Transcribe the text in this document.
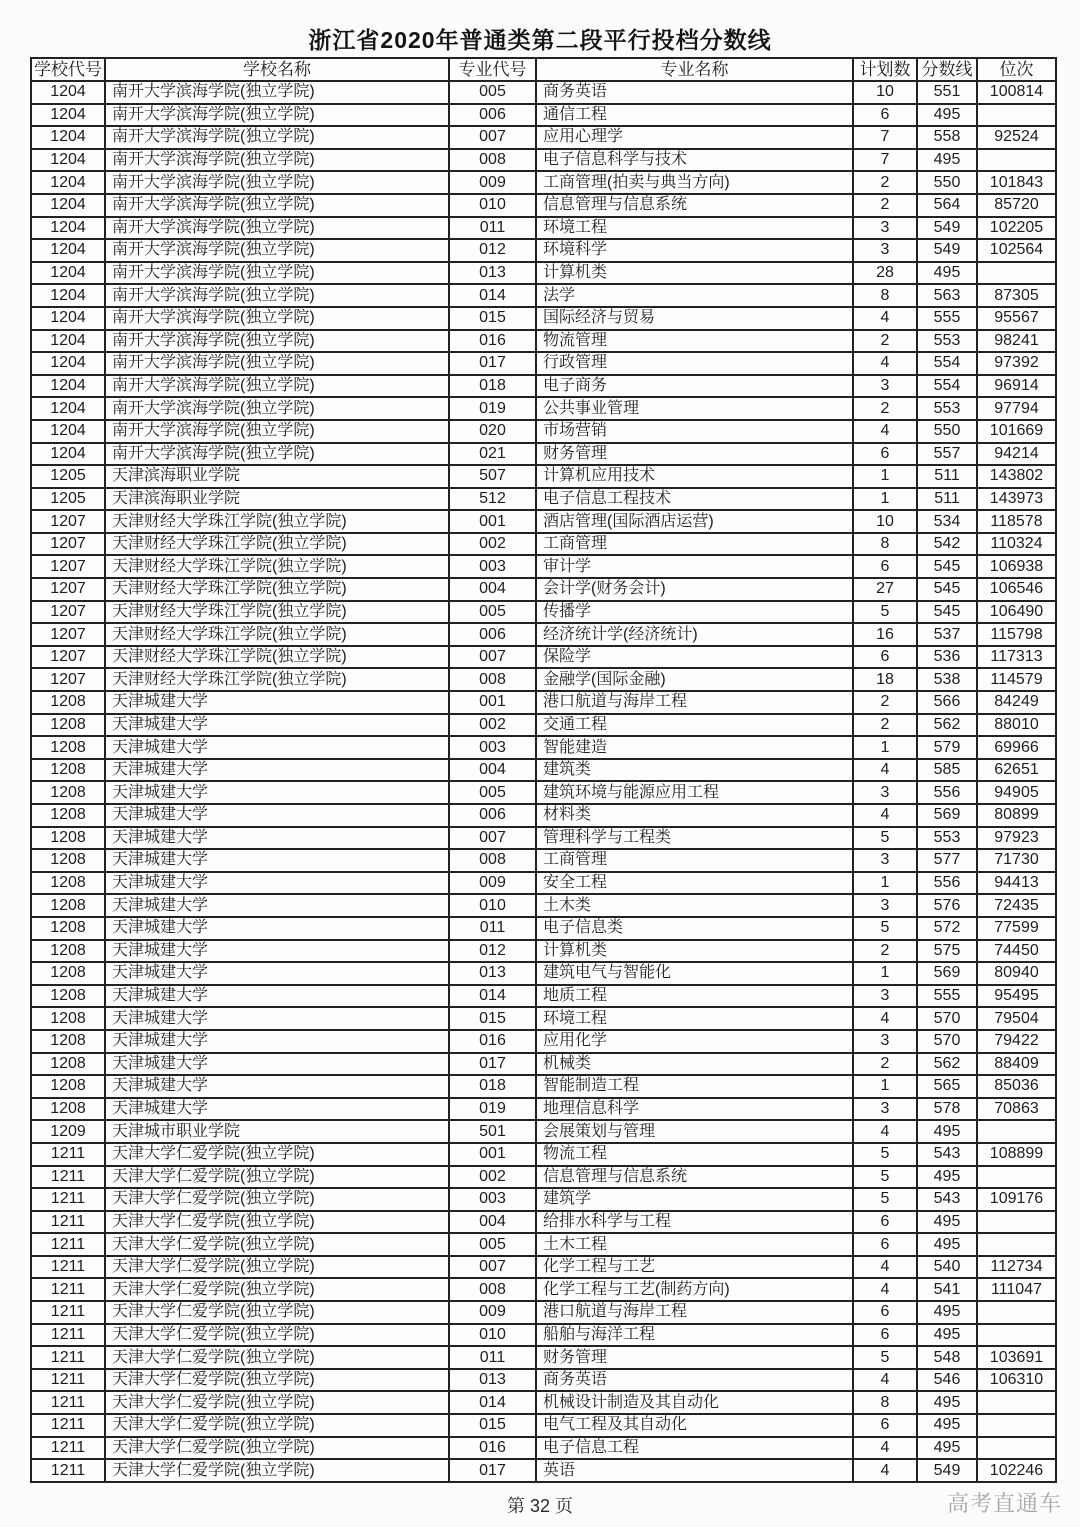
浙江省2020年普通类第二段平行投档分数线
学校代号	学校名称	专业代号	专业名称	计划数	分数线	位次
1204	南开大学滨海学院(独立学院)	005	商务英语	10	551	100814
1204	南开大学滨海学院(独立学院)	006	通信工程	6	495	
1204	南开大学滨海学院(独立学院)	007	应用心理学	7	558	92524
1204	南开大学滨海学院(独立学院)	008	电子信息科学与技术	7	495	
1204	南开大学滨海学院(独立学院)	009	工商管理(拍卖与典当方向)	2	550	101843
1204	南开大学滨海学院(独立学院)	010	信息管理与信息系统	2	564	85720
1204	南开大学滨海学院(独立学院)	011	环境工程	3	549	102205
1204	南开大学滨海学院(独立学院)	012	环境科学	3	549	102564
1204	南开大学滨海学院(独立学院)	013	计算机类	28	495	
1204	南开大学滨海学院(独立学院)	014	法学	8	563	87305
1204	南开大学滨海学院(独立学院)	015	国际经济与贸易	4	555	95567
1204	南开大学滨海学院(独立学院)	016	物流管理	2	553	98241
1204	南开大学滨海学院(独立学院)	017	行政管理	4	554	97392
1204	南开大学滨海学院(独立学院)	018	电子商务	3	554	96914
1204	南开大学滨海学院(独立学院)	019	公共事业管理	2	553	97794
1204	南开大学滨海学院(独立学院)	020	市场营销	4	550	101669
1204	南开大学滨海学院(独立学院)	021	财务管理	6	557	94214
1205	天津滨海职业学院	507	计算机应用技术	1	511	143802
1205	天津滨海职业学院	512	电子信息工程技术	1	511	143973
1207	天津财经大学珠江学院(独立学院)	001	酒店管理(国际酒店运营)	10	534	118578
1207	天津财经大学珠江学院(独立学院)	002	工商管理	8	542	110324
1207	天津财经大学珠江学院(独立学院)	003	审计学	6	545	106938
1207	天津财经大学珠江学院(独立学院)	004	会计学(财务会计)	27	545	106546
1207	天津财经大学珠江学院(独立学院)	005	传播学	5	545	106490
1207	天津财经大学珠江学院(独立学院)	006	经济统计学(经济统计)	16	537	115798
1207	天津财经大学珠江学院(独立学院)	007	保险学	6	536	117313
1207	天津财经大学珠江学院(独立学院)	008	金融学(国际金融)	18	538	114579
1208	天津城建大学	001	港口航道与海岸工程	2	566	84249
1208	天津城建大学	002	交通工程	2	562	88010
1208	天津城建大学	003	智能建造	1	579	69966
1208	天津城建大学	004	建筑类	4	585	62651
1208	天津城建大学	005	建筑环境与能源应用工程	3	556	94905
1208	天津城建大学	006	材料类	4	569	80899
1208	天津城建大学	007	管理科学与工程类	5	553	97923
1208	天津城建大学	008	工商管理	3	577	71730
1208	天津城建大学	009	安全工程	1	556	94413
1208	天津城建大学	010	土木类	3	576	72435
1208	天津城建大学	011	电子信息类	5	572	77599
1208	天津城建大学	012	计算机类	2	575	74450
1208	天津城建大学	013	建筑电气与智能化	1	569	80940
1208	天津城建大学	014	地质工程	3	555	95495
1208	天津城建大学	015	环境工程	4	570	79504
1208	天津城建大学	016	应用化学	3	570	79422
1208	天津城建大学	017	机械类	2	562	88409
1208	天津城建大学	018	智能制造工程	1	565	85036
1208	天津城建大学	019	地理信息科学	3	578	70863
1209	天津城市职业学院	501	会展策划与管理	4	495	
1211	天津大学仁爱学院(独立学院)	001	物流工程	5	543	108899
1211	天津大学仁爱学院(独立学院)	002	信息管理与信息系统	5	495	
1211	天津大学仁爱学院(独立学院)	003	建筑学	5	543	109176
1211	天津大学仁爱学院(独立学院)	004	给排水科学与工程	6	495	
1211	天津大学仁爱学院(独立学院)	005	土木工程	6	495	
1211	天津大学仁爱学院(独立学院)	007	化学工程与工艺	4	540	112734
1211	天津大学仁爱学院(独立学院)	008	化学工程与工艺(制药方向)	4	541	111047
1211	天津大学仁爱学院(独立学院)	009	港口航道与海岸工程	6	495	
1211	天津大学仁爱学院(独立学院)	010	船舶与海洋工程	6	495	
1211	天津大学仁爱学院(独立学院)	011	财务管理	5	548	103691
1211	天津大学仁爱学院(独立学院)	013	商务英语	4	546	106310
1211	天津大学仁爱学院(独立学院)	014	机械设计制造及其自动化	8	495	
1211	天津大学仁爱学院(独立学院)	015	电气工程及其自动化	6	495	
1211	天津大学仁爱学院(独立学院)	016	电子信息工程	4	495	
1211	天津大学仁爱学院(独立学院)	017	英语	4	549	102246
第 32 页	高考直通车
